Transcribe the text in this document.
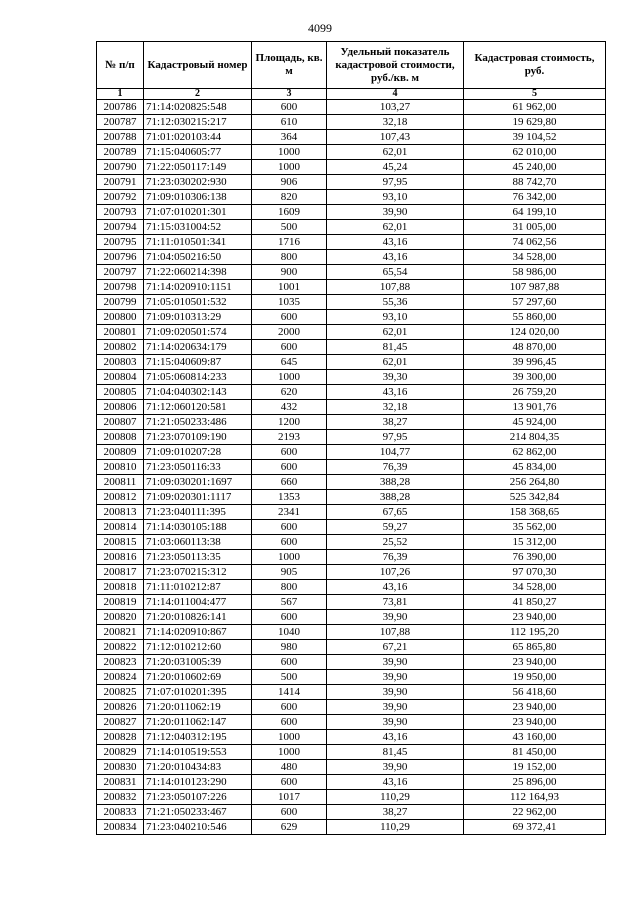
4099
№ п/п	Кадастровый номер	Площадь, кв. м	Удельный показатель кадастровой стоимости, руб./кв. м	Кадастровая стоимость, руб.
1	2	3	4	5
200786	71:14:020825:548	600	103,27	61 962,00
200787	71:12:030215:217	610	32,18	19 629,80
200788	71:01:020103:44	364	107,43	39 104,52
200789	71:15:040605:77	1000	62,01	62 010,00
200790	71:22:050117:149	1000	45,24	45 240,00
200791	71:23:030202:930	906	97,95	88 742,70
200792	71:09:010306:138	820	93,10	76 342,00
200793	71:07:010201:301	1609	39,90	64 199,10
200794	71:15:031004:52	500	62,01	31 005,00
200795	71:11:010501:341	1716	43,16	74 062,56
200796	71:04:050216:50	800	43,16	34 528,00
200797	71:22:060214:398	900	65,54	58 986,00
200798	71:14:020910:1151	1001	107,88	107 987,88
200799	71:05:010501:532	1035	55,36	57 297,60
200800	71:09:010313:29	600	93,10	55 860,00
200801	71:09:020501:574	2000	62,01	124 020,00
200802	71:14:020634:179	600	81,45	48 870,00
200803	71:15:040609:87	645	62,01	39 996,45
200804	71:05:060814:233	1000	39,30	39 300,00
200805	71:04:040302:143	620	43,16	26 759,20
200806	71:12:060120:581	432	32,18	13 901,76
200807	71:21:050233:486	1200	38,27	45 924,00
200808	71:23:070109:190	2193	97,95	214 804,35
200809	71:09:010207:28	600	104,77	62 862,00
200810	71:23:050116:33	600	76,39	45 834,00
200811	71:09:030201:1697	660	388,28	256 264,80
200812	71:09:020301:1117	1353	388,28	525 342,84
200813	71:23:040111:395	2341	67,65	158 368,65
200814	71:14:030105:188	600	59,27	35 562,00
200815	71:03:060113:38	600	25,52	15 312,00
200816	71:23:050113:35	1000	76,39	76 390,00
200817	71:23:070215:312	905	107,26	97 070,30
200818	71:11:010212:87	800	43,16	34 528,00
200819	71:14:011004:477	567	73,81	41 850,27
200820	71:20:010826:141	600	39,90	23 940,00
200821	71:14:020910:867	1040	107,88	112 195,20
200822	71:12:010212:60	980	67,21	65 865,80
200823	71:20:031005:39	600	39,90	23 940,00
200824	71:20:010602:69	500	39,90	19 950,00
200825	71:07:010201:395	1414	39,90	56 418,60
200826	71:20:011062:19	600	39,90	23 940,00
200827	71:20:011062:147	600	39,90	23 940,00
200828	71:12:040312:195	1000	43,16	43 160,00
200829	71:14:010519:553	1000	81,45	81 450,00
200830	71:20:010434:83	480	39,90	19 152,00
200831	71:14:010123:290	600	43,16	25 896,00
200832	71:23:050107:226	1017	110,29	112 164,93
200833	71:21:050233:467	600	38,27	22 962,00
200834	71:23:040210:546	629	110,29	69 372,41
